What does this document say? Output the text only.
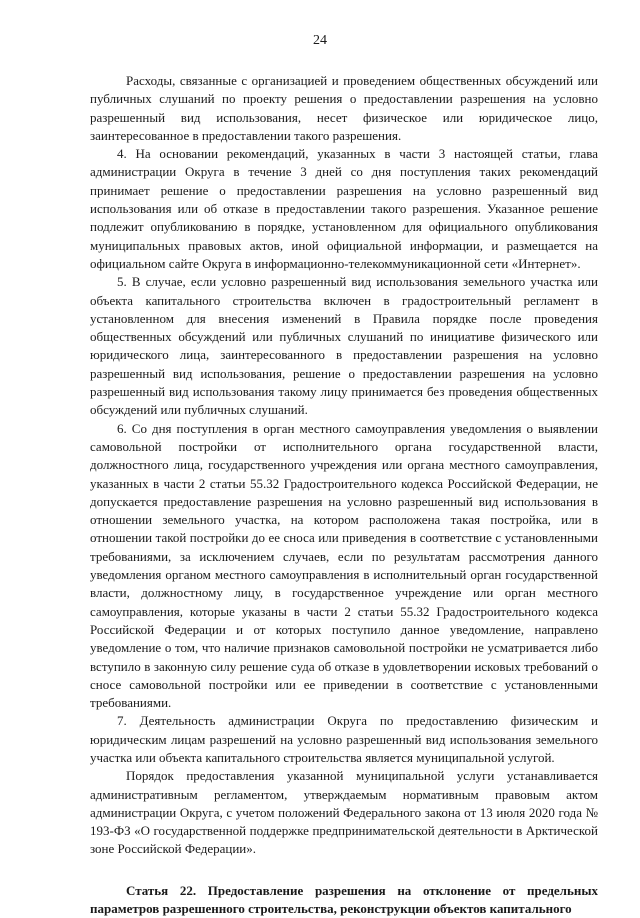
24

Расходы, связанные с организацией и проведением общественных обсуждений или публичных слушаний по проекту решения о предоставлении разрешения на условно разрешенный вид использования, несет физическое или юридическое лицо, заинтересованное в предоставлении такого разрешения.

4. На основании рекомендаций, указанных в части 3 настоящей статьи, глава администрации Округа в течение 3 дней со дня поступления таких рекомендаций принимает решение о предоставлении разрешения на условно разрешенный вид использования или об отказе в предоставлении такого разрешения. Указанное решение подлежит опубликованию в порядке, установленном для официального опубликования муниципальных правовых актов, иной официальной информации, и размещается на официальном сайте Округа в информационно-телекоммуникационной сети «Интернет».

5. В случае, если условно разрешенный вид использования земельного участка или объекта капитального строительства включен в градостроительный регламент в установленном для внесения изменений в Правила порядке после проведения общественных обсуждений или публичных слушаний по инициативе физического или юридического лица, заинтересованного в предоставлении разрешения на условно разрешенный вид использования, решение о предоставлении разрешения на условно разрешенный вид использования такому лицу принимается без проведения общественных обсуждений или публичных слушаний.

6. Со дня поступления в орган местного самоуправления уведомления о выявлении самовольной постройки от исполнительного органа государственной власти, должностного лица, государственного учреждения или органа местного самоуправления, указанных в части 2 статьи 55.32 Градостроительного кодекса Российской Федерации, не допускается предоставление разрешения на условно разрешенный вид использования в отношении земельного участка, на котором расположена такая постройка, или в отношении такой постройки до ее сноса или приведения в соответствие с установленными требованиями, за исключением случаев, если по результатам рассмотрения данного уведомления органом местного самоуправления в исполнительный орган государственной власти, должностному лицу, в государственное учреждение или орган местного самоуправления, которые указаны в части 2 статьи 55.32 Градостроительного кодекса Российской Федерации и от которых поступило данное уведомление, направлено уведомление о том, что наличие признаков самовольной постройки не усматривается либо вступило в законную силу решение суда об отказе в удовлетворении исковых требований о сносе самовольной постройки или ее приведении в соответствие с установленными требованиями.

7. Деятельность администрации Округа по предоставлению физическим и юридическим лицам разрешений на условно разрешенный вид использования земельного участка или объекта капитального строительства является муниципальной услугой.

Порядок предоставления указанной муниципальной услуги устанавливается административным регламентом, утверждаемым нормативным правовым актом администрации Округа, с учетом положений Федерального закона от 13 июля 2020 года № 193-ФЗ «О государственной поддержке предпринимательской деятельности в Арктической зоне Российской Федерации».

Статья 22. Предоставление разрешения на отклонение от предельных параметров разрешенного строительства, реконструкции объектов капитального
